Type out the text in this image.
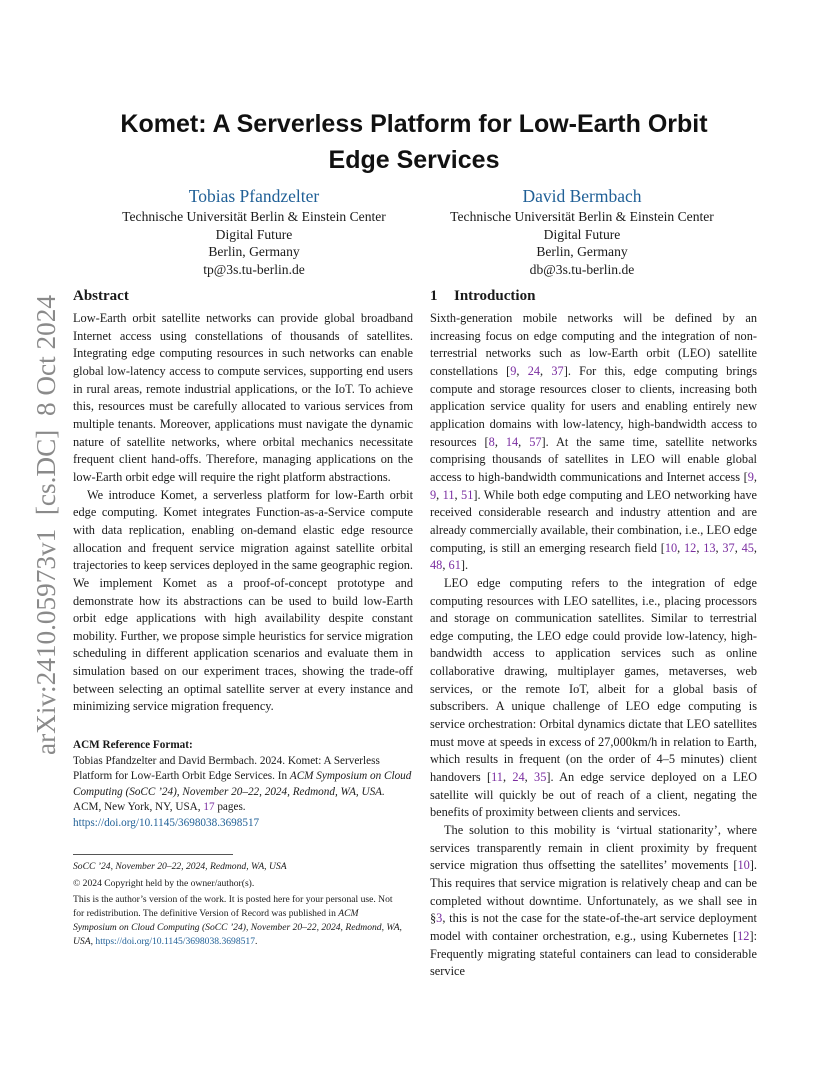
arXiv:2410.05973v1  [cs.DC]  8 Oct 2024
Komet: A Serverless Platform for Low-Earth Orbit
Edge Services
Tobias Pfandzelter
Technische Universität Berlin & Einstein Center
Digital Future
Berlin, Germany
tp@3s.tu-berlin.de
David Bermbach
Technische Universität Berlin & Einstein Center
Digital Future
Berlin, Germany
db@3s.tu-berlin.de
Abstract

Low-Earth orbit satellite networks can provide global broadband Internet access using constellations of thousands of satellites. Integrating edge computing resources in such networks can enable global low-latency access to compute services, supporting end users in rural areas, remote industrial applications, or the IoT. To achieve this, resources must be carefully allocated to various services from multiple tenants. Moreover, applications must navigate the dynamic nature of satellite networks, where orbital mechanics necessitate frequent client hand-offs. Therefore, managing applications on the low-Earth orbit edge will require the right platform abstractions.

We introduce Komet, a serverless platform for low-Earth orbit edge computing. Komet integrates Function-as-a-Service compute with data replication, enabling on-demand elastic edge resource allocation and frequent service migration against satellite orbital trajectories to keep services deployed in the same geographic region. We implement Komet as a proof-of-concept prototype and demonstrate how its abstractions can be used to build low-Earth orbit edge applications with high availability despite constant mobility. Further, we propose simple heuristics for service migration scheduling in different application scenarios and evaluate them in simulation based on our experiment traces, showing the trade-off between selecting an optimal satellite server at every instance and minimizing service migration frequency.

ACM Reference Format:

Tobias Pfandzelter and David Bermbach. 2024. Komet: A Serverless Platform for Low-Earth Orbit Edge Services. In ACM Symposium on Cloud Computing (SoCC ’24), November 20–22, 2024, Redmond, WA, USA. ACM, New York, NY, USA, 17 pages. https://doi.org/10.1145/3698038.3698517

SoCC ’24, November 20–22, 2024, Redmond, WA, USA

© 2024 Copyright held by the owner/author(s).

This is the author’s version of the work. It is posted here for your personal use. Not for redistribution. The definitive Version of Record was published in ACM Symposium on Cloud Computing (SoCC ’24), November 20–22, 2024, Redmond, WA, USA, https://doi.org/10.1145/3698038.3698517.

1 Introduction

Sixth-generation mobile networks will be defined by an increasing focus on edge computing and the integration of non-terrestrial networks such as low-Earth orbit (LEO) satellite constellations [9, 24, 37]. For this, edge computing brings compute and storage resources closer to clients, increasing both application service quality for users and enabling entirely new application domains with low-latency, high-bandwidth access to resources [8, 14, 57]. At the same time, satellite networks comprising thousands of satellites in LEO will enable global access to high-bandwidth communications and Internet access [9, 9, 11, 51]. While both edge computing and LEO networking have received considerable research and industry attention and are already commercially available, their combination, i.e., LEO edge computing, is still an emerging research field [10, 12, 13, 37, 45, 48, 61].

LEO edge computing refers to the integration of edge computing resources with LEO satellites, i.e., placing processors and storage on communication satellites. Similar to terrestrial edge computing, the LEO edge could provide low-latency, high-bandwidth access to application services such as online collaborative drawing, multiplayer games, metaverses, web services, or the remote IoT, albeit for a global basis of subscribers. A unique challenge of LEO edge computing is service orchestration: Orbital dynamics dictate that LEO satellites must move at speeds in excess of 27,000km/h in relation to Earth, which results in frequent (on the order of 4–5 minutes) client handovers [11, 24, 35]. An edge service deployed on a LEO satellite will quickly be out of reach of a client, negating the benefits of proximity between clients and services.

The solution to this mobility is ‘virtual stationarity’, where services transparently remain in client proximity by frequent service migration thus offsetting the satellites’ movements [10]. This requires that service migration is relatively cheap and can be completed without downtime. Unfortunately, as we shall see in §3, this is not the case for the state-of-the-art service deployment model with container orchestration, e.g., using Kubernetes [12]: Frequently migrating stateful containers can lead to considerable service
